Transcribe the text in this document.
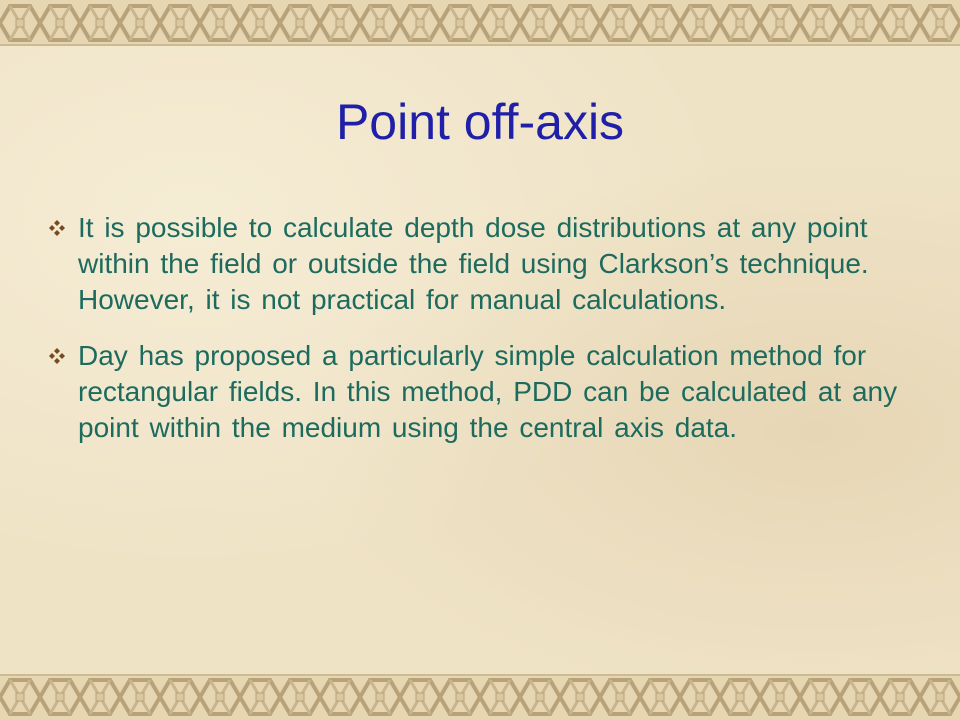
Point off-axis
It is possible to calculate depth dose distributions at any point within the field or outside the field using Clarkson’s technique. However, it is not practical for manual calculations.
Day has proposed a particularly simple calculation method for rectangular fields. In this method, PDD can be calculated at any point within the medium using the central axis data.
